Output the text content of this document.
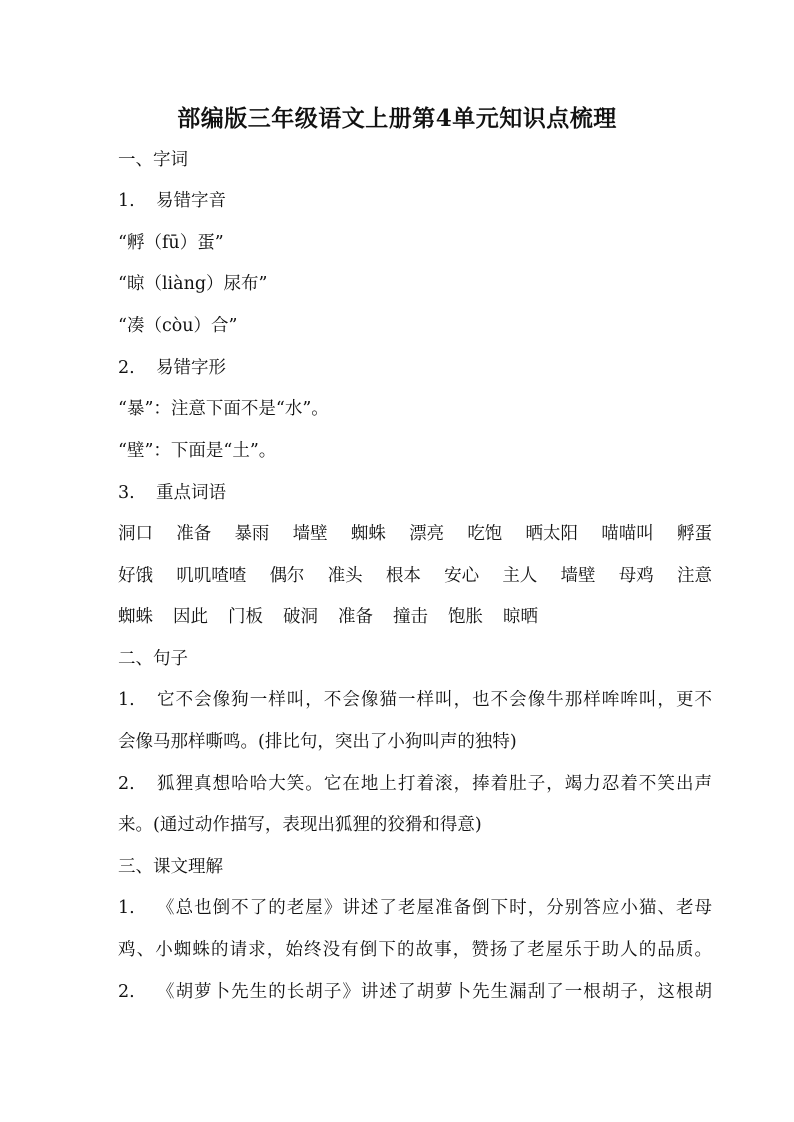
部编版三年级语文上册第4单元知识点梳理

一、字词

1. 易错字音

“孵（fū）蛋”

“晾（liàng）尿布”

“凑（còu）合”

2. 易错字形

“暴”：注意下面不是“水”。

“壁”：下面是“土”。

3. 重点词语

洞口 准备 暴雨 墙壁 蜘蛛 漂亮 吃饱 晒太阳 喵喵叫 孵蛋
好饿 叽叽喳喳 偶尔 准头 根本 安心 主人 墙壁 母鸡 注意
蜘蛛 因此 门板 破洞 准备 撞击 饱胀 晾晒

二、句子

1. 它不会像狗一样叫，不会像猫一样叫，也不会像牛那样哞哞叫，更不

会像马那样嘶鸣。(排比句，突出了小狗叫声的独特)

2. 狐狸真想哈哈大笑。它在地上打着滚，捧着肚子，竭力忍着不笑出声

来。(通过动作描写，表现出狐狸的狡猾和得意)

三、课文理解

1. 《总也倒不了的老屋》讲述了老屋准备倒下时，分别答应小猫、老母

鸡、小蜘蛛的请求，始终没有倒下的故事，赞扬了老屋乐于助人的品质。

2. 《胡萝卜先生的长胡子》讲述了胡萝卜先生漏刮了一根胡子，这根胡
